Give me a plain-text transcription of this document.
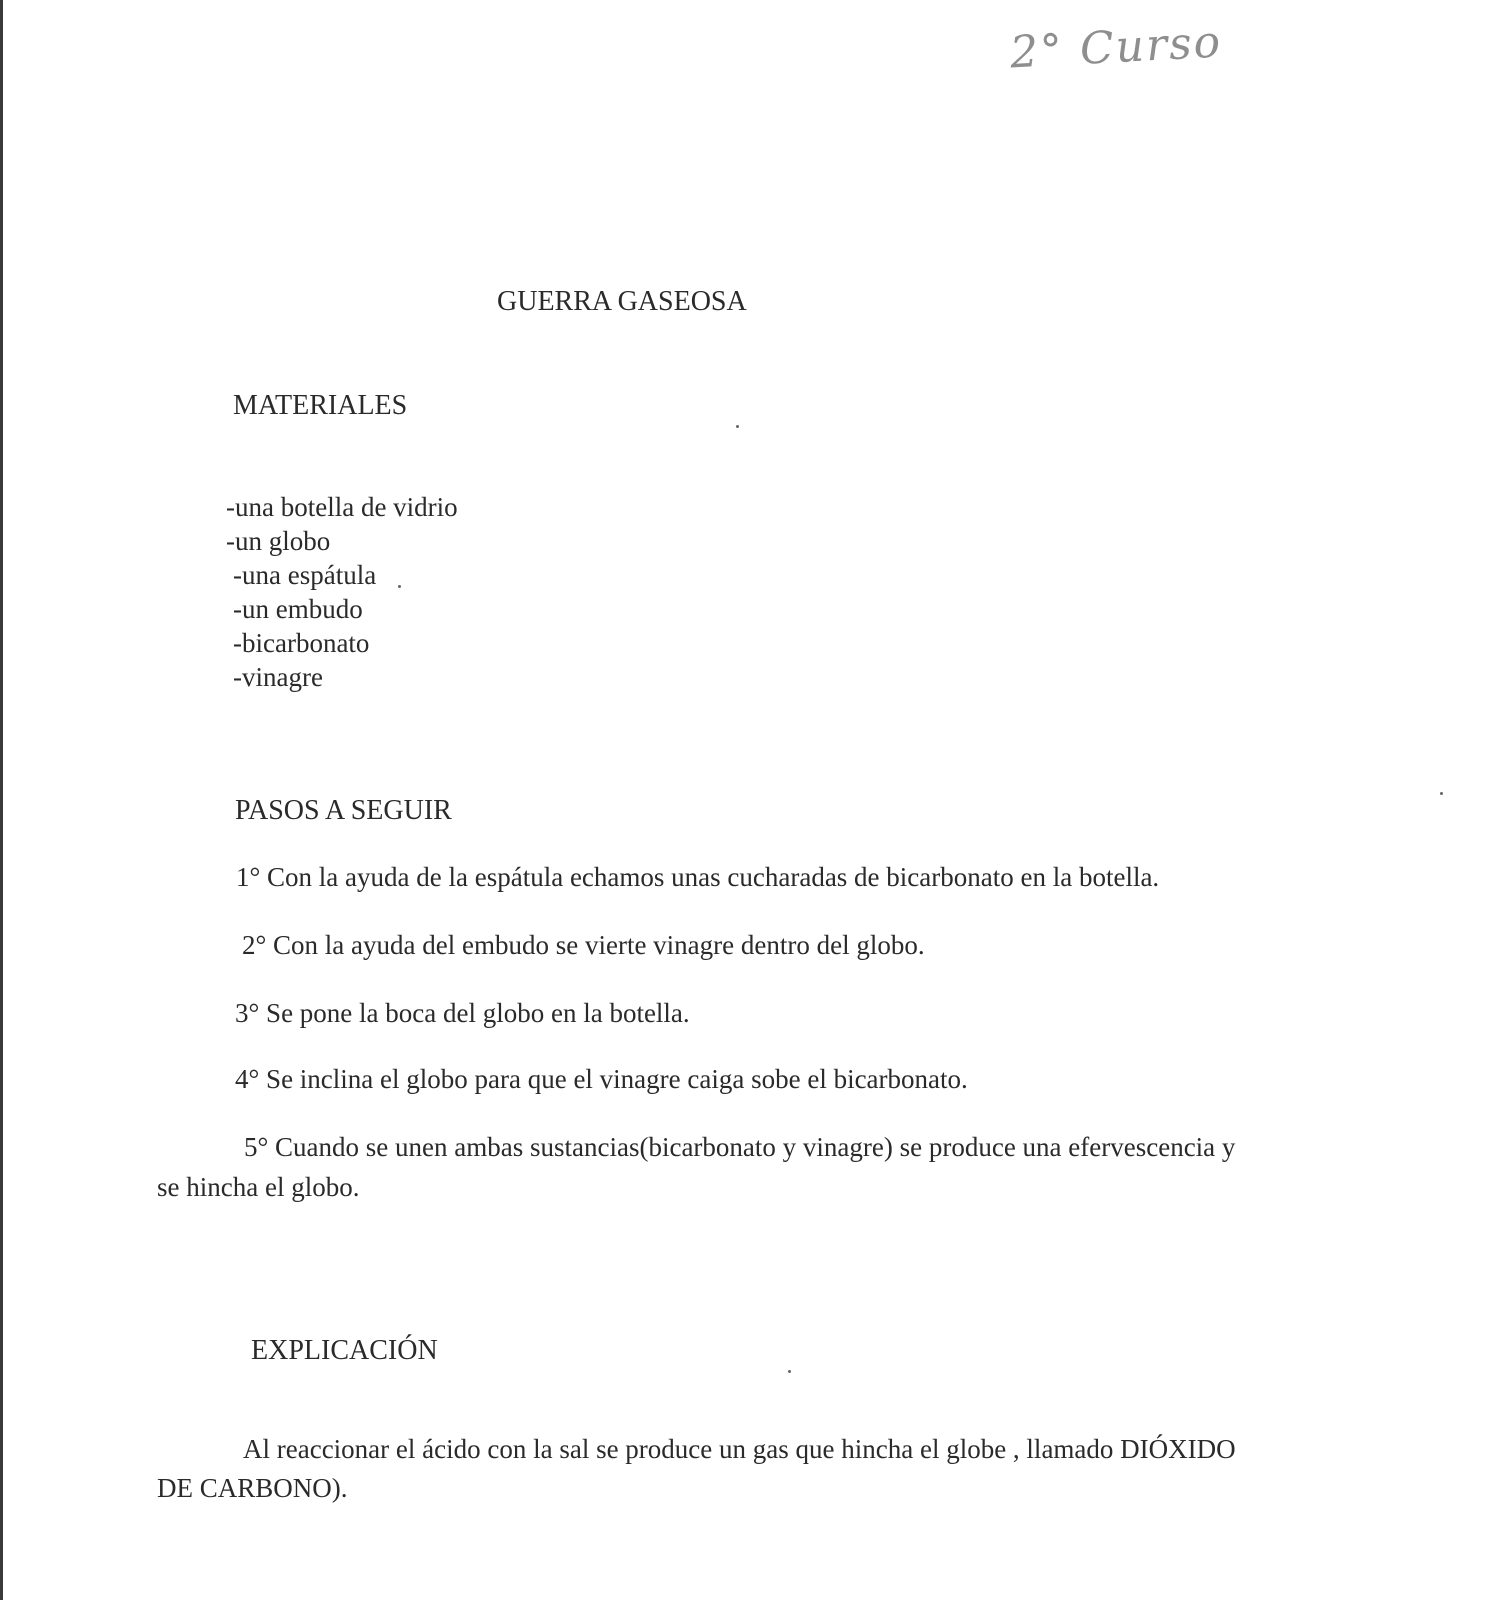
2° Curso
GUERRA GASEOSA
MATERIALES
-una botella de vidrio
-un globo
-una espátula
-un embudo
-bicarbonato
-vinagre
PASOS A SEGUIR
1° Con la ayuda de la espátula echamos unas cucharadas de bicarbonato en la botella.
2° Con la ayuda del embudo se vierte vinagre dentro del globo.
3° Se pone la boca del globo en la botella.
4° Se inclina el globo para que el vinagre caiga sobe el bicarbonato.
5° Cuando se unen ambas sustancias(bicarbonato y vinagre) se produce una efervescencia y
se hincha el globo.
EXPLICACIÓN
Al reaccionar el ácido con la sal se produce un gas que hincha el globe , llamado DIÓXIDO
DE CARBONO).
